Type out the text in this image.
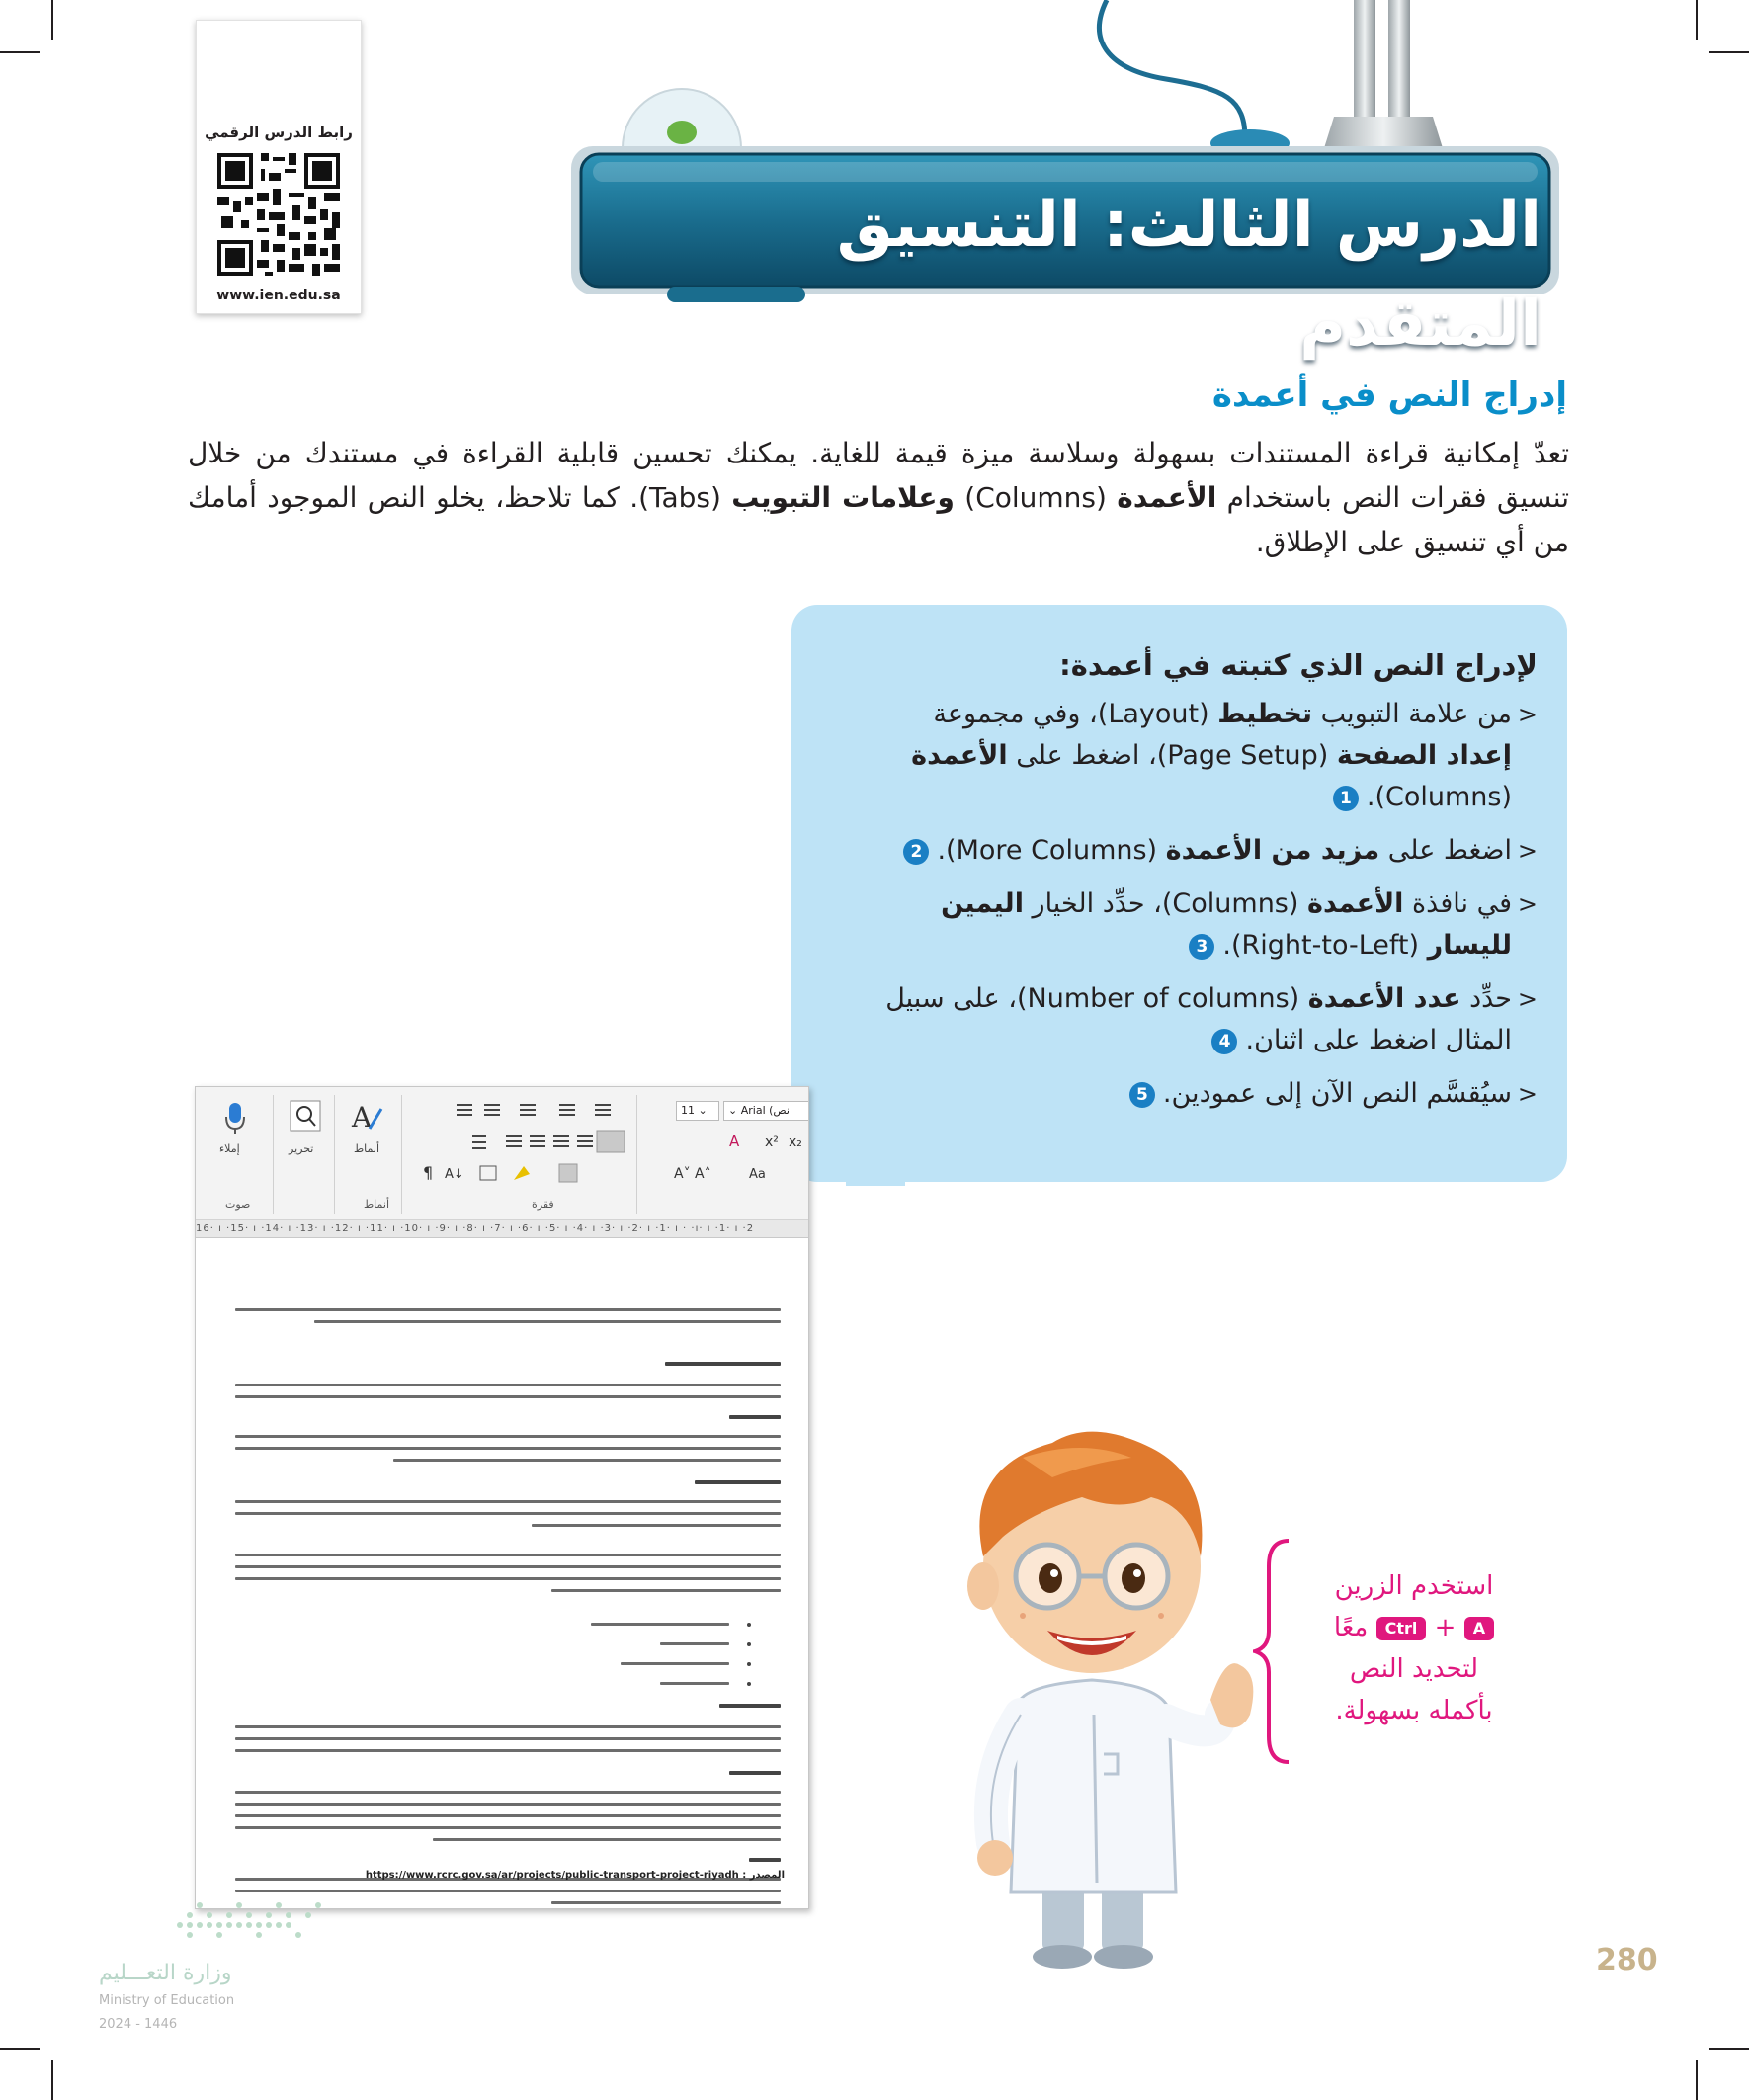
رابط الدرس الرقمي
www.ien.edu.sa
الدرس الثالث: التنسيق المتقدم
إدراج النص في أعمدة

تعدّ إمكانية قراءة المستندات بسهولة وسلاسة ميزة قيمة للغاية. يمكنك تحسين قابلية القراءة في مستندك من خلال تنسيق فقرات النص باستخدام الأعمدة (Columns) وعلامات التبويب (Tabs). كما تلاحظ، يخلو النص الموجود أمامك من أي تنسيق على الإطلاق.

لإدراج النص الذي كتبته في أعمدة:
< من علامة التبويب تخطيط (Layout)، وفي مجموعة إعداد الصفحة (Page Setup)، اضغط على الأعمدة (Columns).1
< اضغط على مزيد من الأعمدة (More Columns).2
< في نافذة الأعمدة (Columns)، حدِّد الخيار اليمين لليسار (Right-to-Left).3
< حدِّد عدد الأعمدة (Number of columns)، على سبيل المثال اضغط على اثنان.4
< سيُقسَّم النص الآن إلى عمودين.5
إملاء
صوت
تحرير
A
أنماط
أنماط
¶ A↓
فقرة
11 ⌄	⌄ Arial (نص
x² x₂
A
A˅ A˄	Aa
16· ı ·15· ı ·14· ı ·13· ı ·12· ı ·11· ı ·10· ı ·9· ı ·8· ı ·7· ı ·6· ı ·5· ı ·4· ı ·3· ı ·2· ı ·1· ı · ·ı· ı ·1· ı ·2
https://www.rcrc.gov.sa/ar/projects/public-transport-project-riyadh : المصدر
استخدم الزرين
A + Ctrl معًا
لتحديد النص
بأكمله بسهولة.
280
وزارة التعـــليم
Ministry of Education
2024 - 1446
